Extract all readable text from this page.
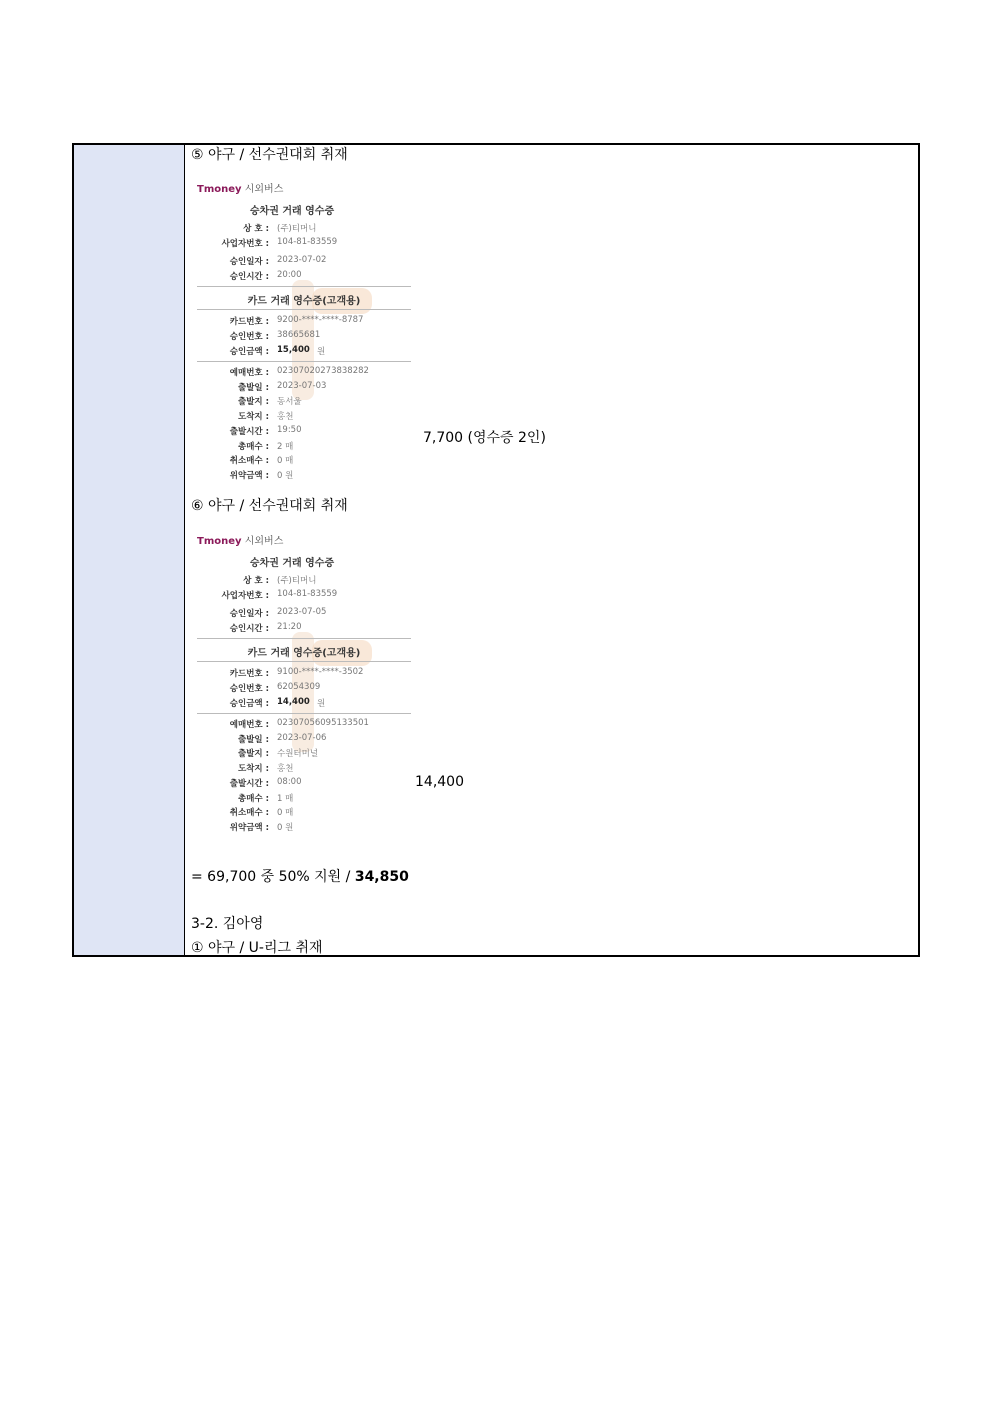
⑤ 야구 / 선수권대회 취재
Tmoney 시외버스
승차권 거래 영수증
상 호 : (주)티머니
사업자번호 : 104-81-83559
승인일자 : 2023-07-02
승인시간 : 20:00
카드 거래 영수증(고객용)
카드번호 : 9200-****-****-8787
승인번호 : 38665681
승인금액 : 15,400 원
예매번호 : 02307020273838282
출발일 : 2023-07-03
출발지 : 동서울
도착지 : 홍천
출발시간 : 19:50
총매수 : 2 매
취소매수 : 0 매
위약금액 : 0 원
7,700 (영수증 2인)
⑥ 야구 / 선수권대회 취재
Tmoney 시외버스
승차권 거래 영수증
상 호 : (주)티머니
사업자번호 : 104-81-83559
승인일자 : 2023-07-05
승인시간 : 21:20
카드 거래 영수증(고객용)
카드번호 : 9100-****-****-3502
승인번호 : 62054309
승인금액 : 14,400 원
예매번호 : 02307056095133501
출발일 : 2023-07-06
출발지 : 수원터미널
도착지 : 홍천
출발시간 : 08:00
총매수 : 1 매
취소매수 : 0 매
위약금액 : 0 원
14,400
= 69,700 중 50% 지원 / 34,850
3-2. 김아영
① 야구 / U-리그 취재
